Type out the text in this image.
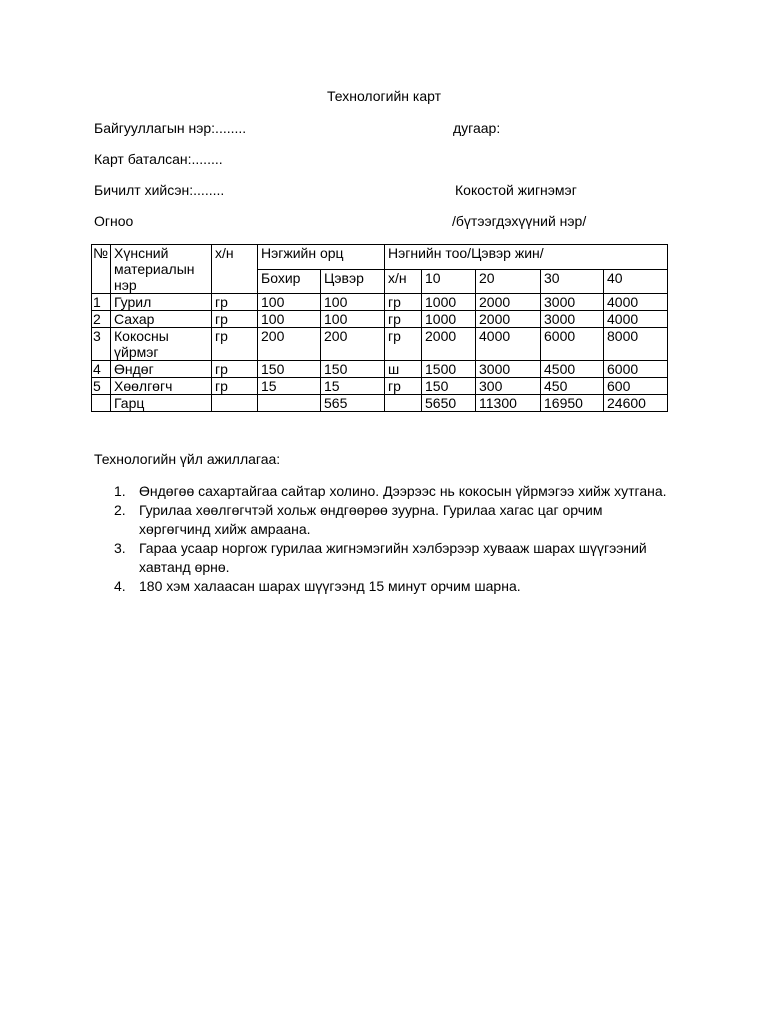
Технологийн карт
Байгууллагын нэр:........	дугаар:
Карт баталсан:........
Бичилт хийсэн:........	Кокостой жигнэмэг
Огноо	/бүтээгдэхүүний нэр/
№	Хүнсний материалын нэр	х/н	Нэгжийн орц		Нэгнийн тоо/Цэвэр жин/				
			Бохир	Цэвэр	х/н	10	20	30	40
1	Гурил	гр	100	100	гр	1000	2000	3000	4000
2	Сахар	гр	100	100	гр	1000	2000	3000	4000
3	Кокосны үйрмэг	гр	200	200	гр	2000	4000	6000	8000
4	Өндөг	гр	150	150	ш	1500	3000	4500	6000
5	Хөөлгөгч	гр	15	15	гр	150	300	450	600
	Гарц			565		5650	11300	16950	24600
Технологийн үйл ажиллагаа:
1. Өндөгөө сахартайгаа сайтар холино. Дээрээс нь кокосын үйрмэгээ хийж хутгана.
2. Гурилаа хөөлгөгчтэй хольж өндгөөрөө зуурна. Гурилаа хагас цаг орчим хөргөгчинд хийж амраана.
3. Гараа усаар норгож гурилаа жигнэмэгийн хэлбэрээр хуваaж шарах шүүгээний хавтанд өрнө.
4. 180 хэм халаасан шарах шүүгээнд 15 минут орчим шарна.
